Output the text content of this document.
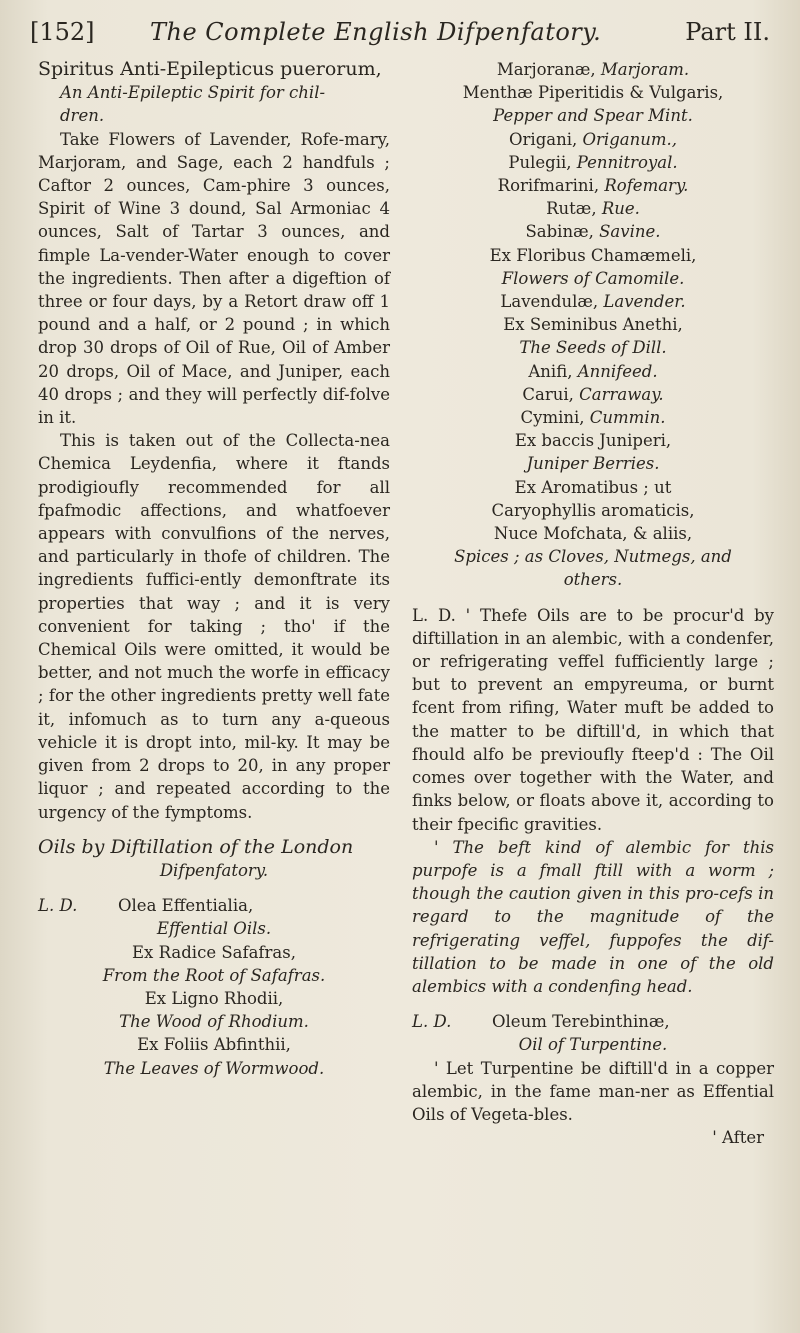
[152] The Complete English Difpenfatory.	Part II.

Spiritus Anti-Epilepticus puerorum,

An Anti-Epileptic Spirit for chil-

dren.

Take Flowers of Lavender, Rofe-mary, Marjoram, and Sage, each 2 handfuls ; Caftor 2 ounces, Cam-phire 3 ounces, Spirit of Wine 3 dound, Sal Armoniac 4 ounces, Salt of Tartar 3 ounces, and fimple La-vender-Water enough to cover the ingredients. Then after a digeftion of three or four days, by a Retort draw off 1 pound and a half, or 2 pound ; in which drop 30 drops of Oil of Rue, Oil of Amber 20 drops, Oil of Mace, and Juniper, each 40 drops ; and they will perfectly dif-folve in it.

This is taken out of the Collecta-nea Chemica Leydenfia, where it ftands prodigioufly recommended for all fpafmodic affections, and whatfoever appears with convulfions of the nerves, and particularly in thofe of children. The ingredients fuffici-ently demonftrate its properties that way ; and it is very convenient for taking ; tho' if the Chemical Oils were omitted, it would be better, and not much the worfe in efficacy ; for the other ingredients pretty well fate it, infomuch as to turn any a-queous vehicle it is dropt into, mil-ky. It may be given from 2 drops to 20, in any proper liquor ; and repeated according to the urgency of the fymptoms.

Oils by Diftillation of the London

Difpenfatory.

L. D. Olea Effentialia,

Effential Oils.

Ex Radice Safafras,

From the Root of Safafras.

Ex Ligno Rhodii,

The Wood of Rhodium.

Ex Foliis Abfinthii,

The Leaves of Wormwood.

Marjoranæ, Marjoram.

Menthæ Piperitidis & Vulgaris,

Pepper and Spear Mint.

Origani, Origanum.,

Pulegii, Pennitroyal.

Rorifmarini, Rofemary.

Rutæ, Rue.

Sabinæ, Savine.

Ex Floribus Chamæmeli,

Flowers of Camomile.

Lavendulæ, Lavender.

Ex Seminibus Anethi,

The Seeds of Dill.

Anifi, Annifeed.

Carui, Carraway.

Cymini, Cummin.

Ex baccis Juniperi,

Juniper Berries.

Ex Aromatibus ; ut

Caryophyllis aromaticis,

Nuce Mofchata, & aliis,

Spices ; as Cloves, Nutmegs, and

others.

L. D. ' Thefe Oils are to be procur'd by diftillation in an alembic, with a condenfer, or refrigerating veffel fufficiently large ; but to prevent an empyreuma, or burnt fcent from rifing, Water muft be added to the matter to be diftill'd, in which that fhould alfo be previoufly fteep'd : The Oil comes over together with the Water, and finks below, or floats above it, according to their fpecific gravities.

' The beft kind of alembic for this purpofe is a fmall ftill with a worm ; though the caution given in this pro-cefs in regard to the magnitude of the refrigerating veffel, fuppofes the dif-tillation to be made in one of the old alembics with a condenfing head.

L. D. Oleum Terebinthinæ,

Oil of Turpentine.

' Let Turpentine be diftill'd in a copper alembic, in the fame man-ner as Effential Oils of Vegeta-bles.

' After
